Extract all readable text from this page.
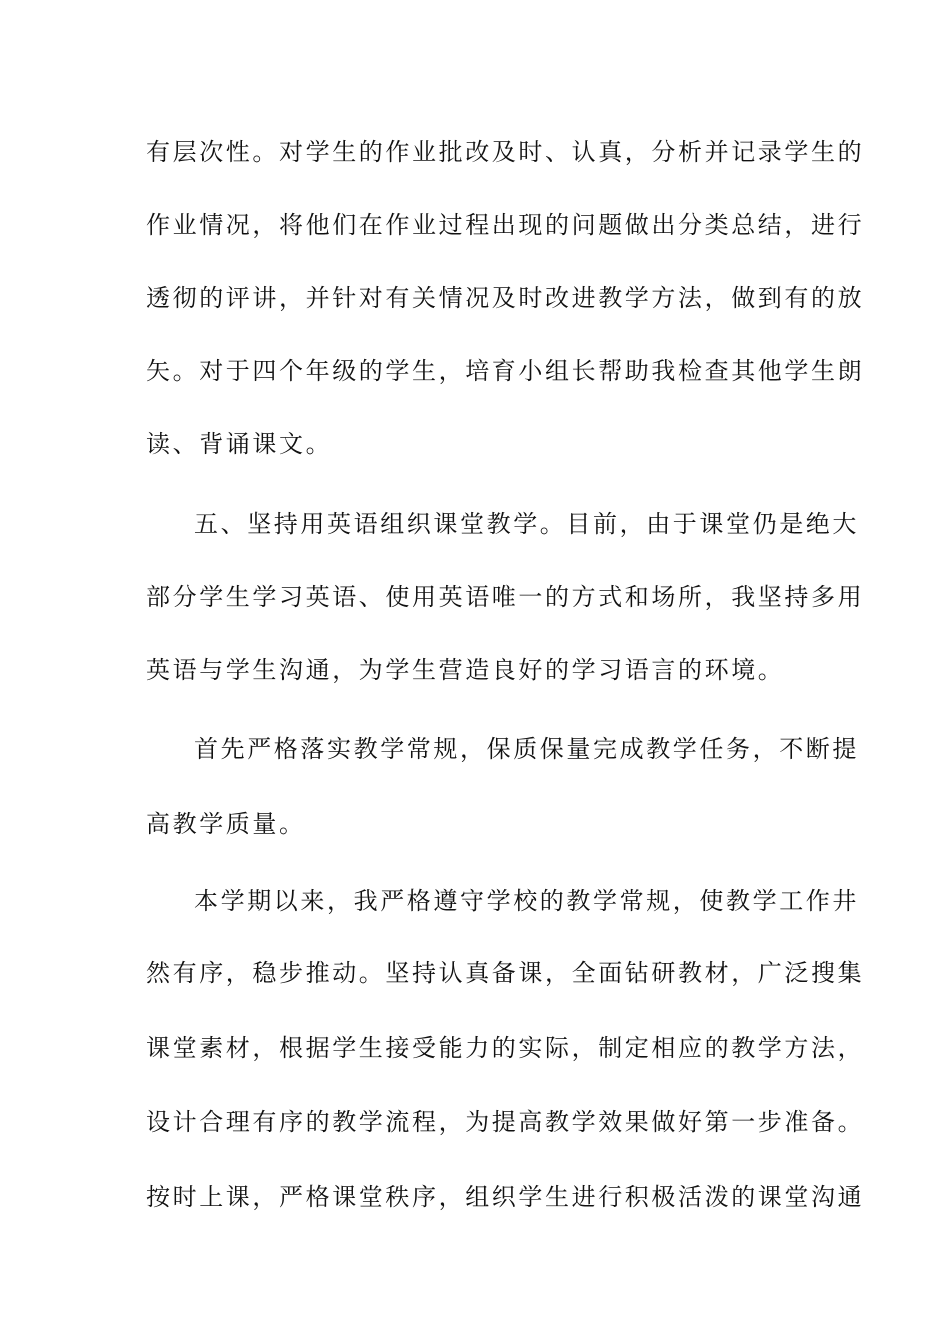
有层次性。对学生的作业批改及时、认真，分析并记录学生的
作业情况，将他们在作业过程出现的问题做出分类总结，进行
透彻的评讲，并针对有关情况及时改进教学方法，做到有的放
矢。对于四个年级的学生，培育小组长帮助我检查其他学生朗
读、背诵课文。
五、坚持用英语组织课堂教学。目前，由于课堂仍是绝大
部分学生学习英语、使用英语唯一的方式和场所，我坚持多用
英语与学生沟通，为学生营造良好的学习语言的环境。
首先严格落实教学常规，保质保量完成教学任务，不断提
高教学质量。
本学期以来，我严格遵守学校的教学常规，使教学工作井
然有序，稳步推动。坚持认真备课，全面钻研教材，广泛搜集
课堂素材，根据学生接受能力的实际，制定相应的教学方法，
设计合理有序的教学流程，为提高教学效果做好第一步准备。
按时上课，严格课堂秩序，组织学生进行积极活泼的课堂沟通
